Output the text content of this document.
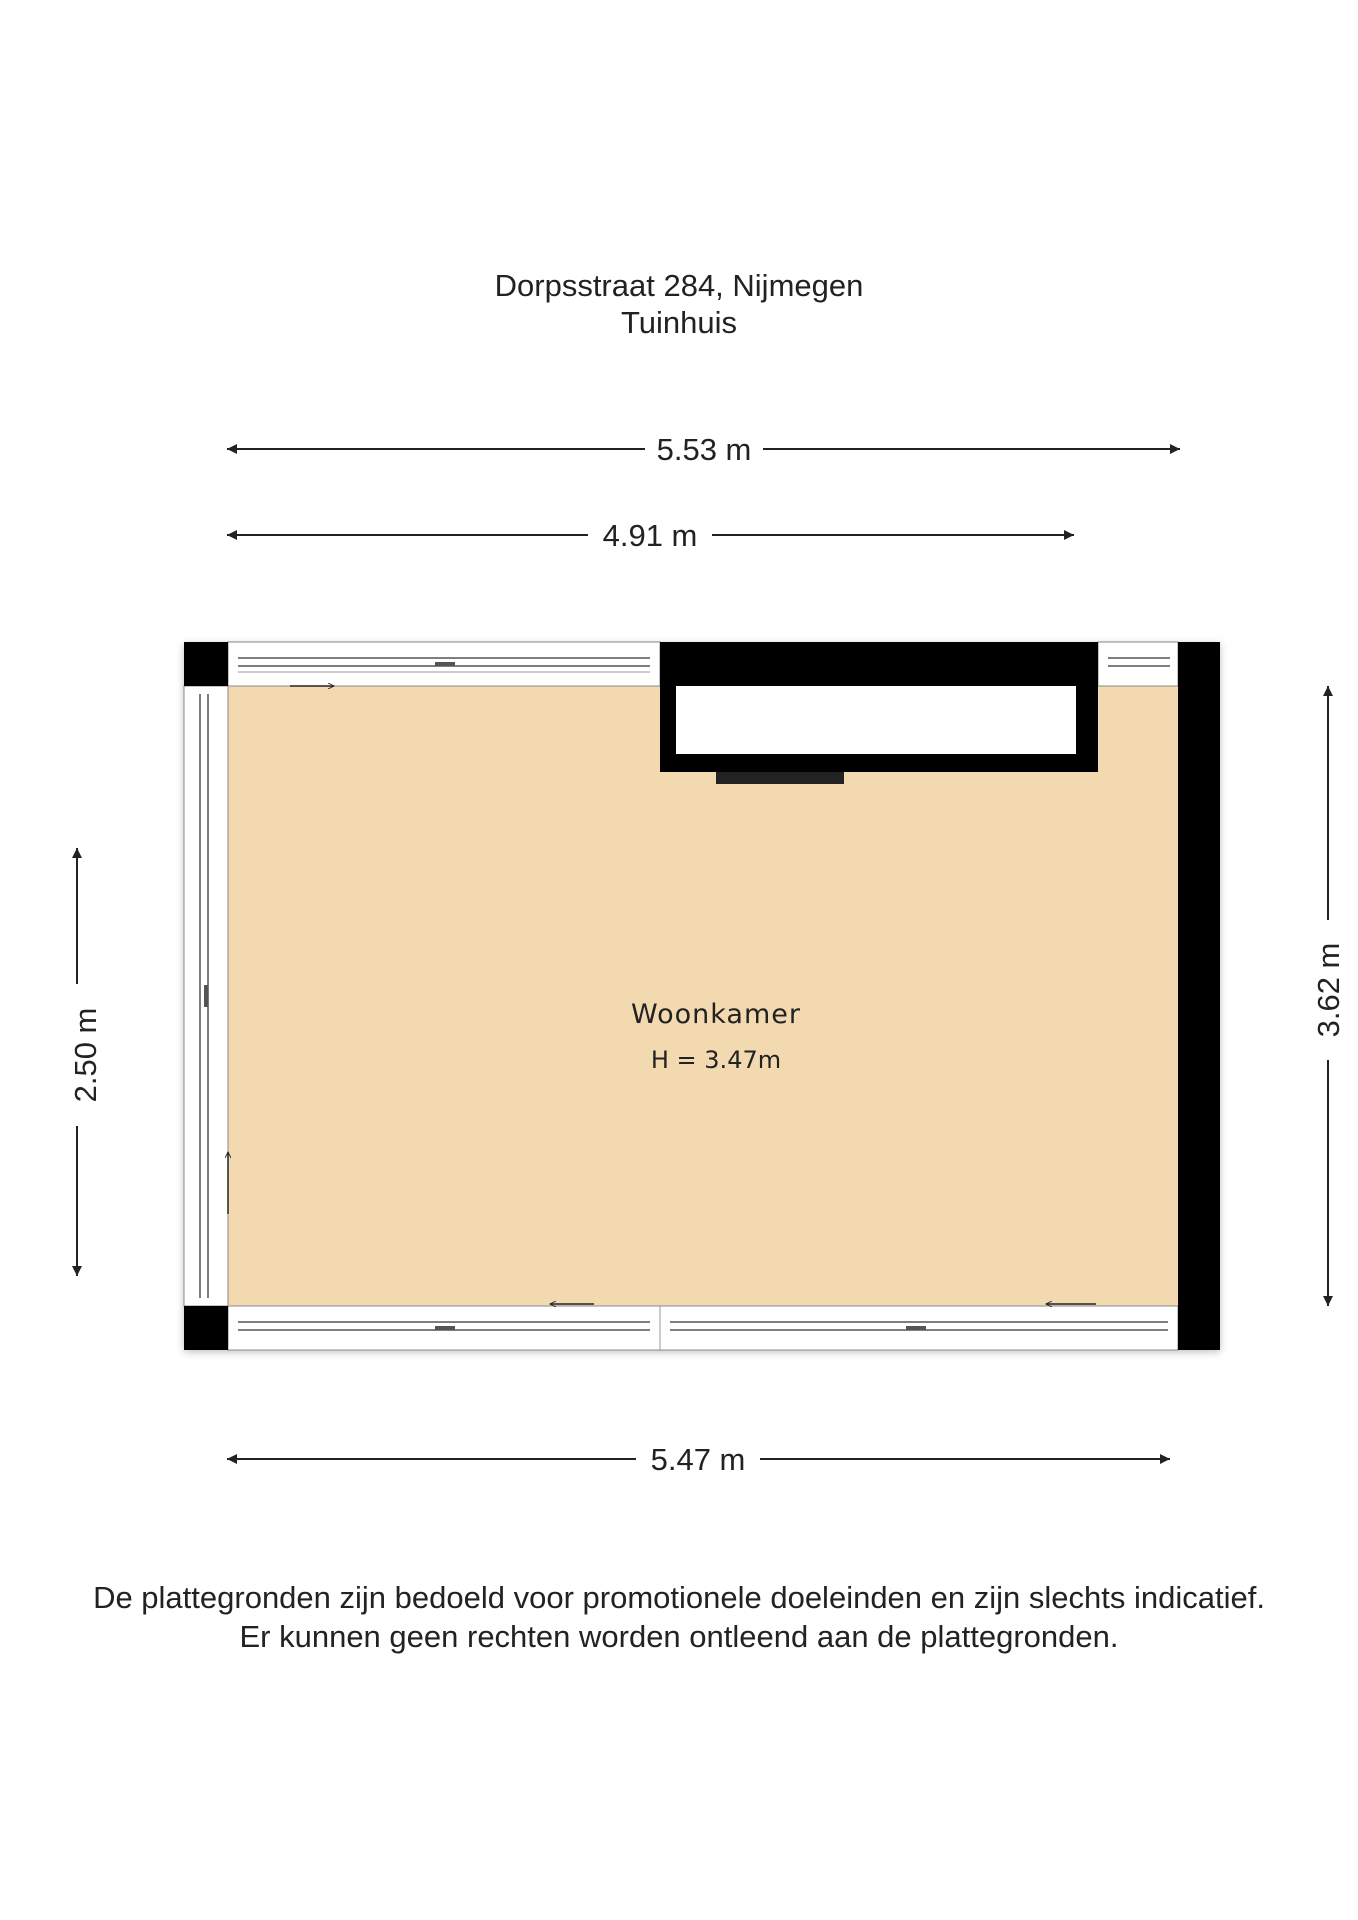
Dorpsstraat 284, Nijmegen
Tuinhuis
5.53 m
4.91 m
Woonkamer
H = 3.47m
2.50 m
3.62 m
5.47 m
De plattegronden zijn bedoeld voor promotionele doeleinden en zijn slechts indicatief.
Er kunnen geen rechten worden ontleend aan de plattegronden.
